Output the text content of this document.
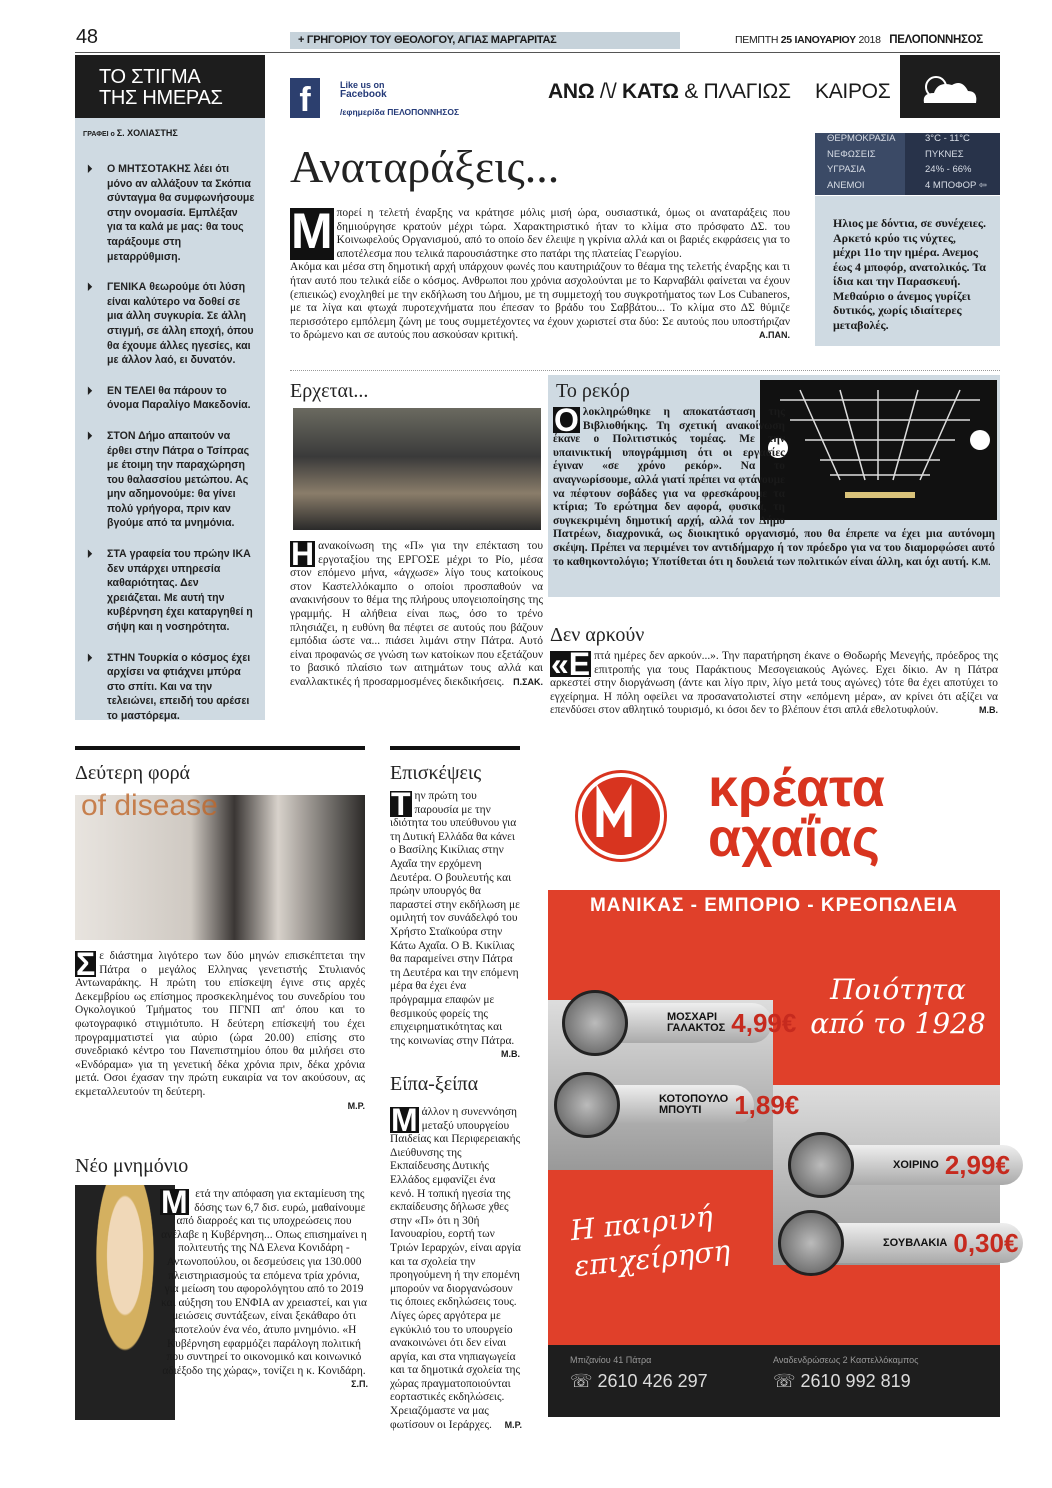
48	+ ΓΡΗΓΟΡΙΟΥ ΤΟΥ ΘΕΟΛΟΓΟΥ, ΑΓΙΑΣ ΜΑΡΓΑΡΙΤΑΣ	ΠΕΜΠΤΗ 25 ΙΑΝΟΥΑΡΙΟΥ 2018 ΠΕΛΟΠΟΝΝΗΣΟΣ
ΤΟ ΣΤΙΓΜΑ
ΤΗΣ ΗΜΕΡΑΣ
ΓΡΑΦΕΙ ο Σ. ΧΟΛΙΑΣΤΗΣ
⏵ Ο ΜΗΤΣΟΤΑΚΗΣ λέει ότι μόνο αν αλλάξουν τα Σκόπια σύνταγμα θα συμφωνήσουμε στην ονομασία. Εμπλέξαν για τα καλά με μας: θα τους ταράξουμε στη μεταρρύθμιση.
⏵ ΓΕΝΙΚΑ θεωρούμε ότι λύση είναι καλύτερο να δοθεί σε μια άλλη συγκυρία. Σε άλλη στιγμή, σε άλλη εποχή, όπου θα έχουμε άλλες ηγεσίες, και με άλλον λαό, ει δυνατόν.
⏵ ΕΝ ΤΕΛΕΙ θα πάρουν το όνομα Παραλίγο Μακεδονία.
⏵ ΣΤΟΝ Δήμο απαιτούν να έρθει στην Πάτρα ο Τσίπρας με έτοιμη την παραχώρηση του θαλασσίου μετώπου. Ας μην αδημονούμε: θα γίνει πολύ γρήγορα, πριν καν βγούμε από τα μνημόνια.
⏵ ΣΤΑ γραφεία του πρώην ΙΚΑ δεν υπάρχει υπηρεσία καθαριότητας. Δεν χρειάζεται. Με αυτή την κυβέρνηση έχει καταργηθεί η σήψη και η νοσηρότητα.
⏵ ΣΤΗΝ Τουρκία ο κόσμος έχει αρχίσει να φτιάχνει μπύρα στο σπίτι. Και να την τελειώνει, επειδή του αρέσει το μαστόρεμα.
f	Like us on
Facebook
/εφημερίδα ΠΕΛΟΠΟΝΝΗΣΟΣ
ΑΝΩ /\/ ΚΑΤΩ & ΠΛΑΓΙΩΣ ΚΑΙΡΟΣ
ΘΕΡΜΟΚΡΑΣΙΑ	3°C - 11°C
ΝΕΦΩΣΕΙΣ	ΠΥΚΝΕΣ
ΥΓΡΑΣΙΑ	24% - 66%
ΑΝΕΜΟΙ	4 ΜΠΟΦΟΡ ⇦
Ηλιος με δόντια, σε συνέχειες. Αρκετό κρύο τις νύχτες, μέχρι 11ο την ημέρα. Ανεμος έως 4 μποφόρ, ανατολικός. Τα ίδια και την Παρασκευή. Μεθαύριο ο άνεμος γυρίζει δυτικός, χωρίς ιδιαίτερες μεταβολές.
Αναταράξεις...
Μ πορεί η τελετή έναρξης να κράτησε μόλις μισή ώρα, ουσιαστικά, όμως οι αναταράξεις που δημιούργησε κρατούν μέχρι τώρα. Χαρακτηριστικό ήταν το κλίμα στο πρόσφατο ΔΣ. του Κοινωφελούς Οργανισμού, από το οποίο δεν έλειψε η γκρίνια αλλά και οι βαριές εκφράσεις για το αποτέλεσμα που τελικά παρουσιάστηκε στο πατάρι της πλατείας Γεωργίου.
Ακόμα και μέσα στη δημοτική αρχή υπάρχουν φωνές που καυτηριάζουν το θέαμα της τελετής έναρξης και τι ήταν αυτό που τελικά είδε ο κόσμος. Ανθρωποι που χρόνια ασχολούνται με το Καρναβάλι φαίνεται να έχουν (επιεικώς) ενοχληθεί με την εκδήλωση του Δήμου, με τη συμμετοχή του συγκροτήματος των Los Cubaneros, με τα λίγα και φτωχά πυροτεχνήματα που έπεσαν το βράδυ του Σαββάτου... Το κλίμα στο ΔΣ θύμιζε περισσότερο εμπόλεμη ζώνη με τους συμμετέχοντες να έχουν χωριστεί στα δύο: Σε αυτούς που υποστήριζαν το δρώμενο και σε αυτούς που ασκούσαν κριτική.	Α.ΠΑΝ.
Ερχεται...
Η ανακοίνωση της «Π» για την επέκταση του εργοταξίου της ΕΡΓΟΣΕ μέχρι το Ρίο, μέσα στον επόμενο μήνα, «άγχωσε» λίγο τους κατοίκους στον Καστελλόκαμπο ο οποίοι προσπαθούν να ανακινήσουν το θέμα της πλήρους υπογειοποίησης της γραμμής. Η αλήθεια είναι πως, όσο το τρένο πλησιάζει, η ευθύνη θα πέφτει σε αυτούς που βάζουν εμπόδια ώστε να... πιάσει λιμάνι στην Πάτρα. Αυτό είναι προφανώς σε γνώση των κατοίκων που εξετάζουν το βασικό πλαίσιο των αιτημάτων τους αλλά και εναλλακτικές ή προσαρμοσμένες διεκδικήσεις. Π.ΣΑΚ.
Το ρεκόρ
Ο λοκληρώθηκε η αποκατάσταση της Βιβλιοθήκης. Τη σχετική ανακοίνωση έκανε ο Πολιτιστικός τομέας. Με την υπαινικτική υπογράμμιση ότι οι εργασίες έγιναν «σε χρόνο ρεκόρ». Να το αναγνωρίσουμε, αλλά γιατί πρέπει να φτάνουμε να πέφτουν σοβάδες για να φρεσκάρουμε τα κτίρια; Το ερώτημα δεν αφορά, φυσικά, τη συγκεκριμένη δημοτική αρχή, αλλά τον Δήμο Πατρέων, διαχρονικά, ως διοικητικό οργανισμό, που θα έπρεπε να έχει μια αυτόνομη σκέψη. Πρέπει να περιμένει τον αντιδήμαρχο ή τον πρόεδρο για να του διαμορφώσει αυτό το καθηκοντολόγιο; Υποτίθεται ότι η δουλειά των πολιτικών είναι άλλη, και όχι αυτή. Κ.Μ.
Δεν αρκούν
«Ε πτά ημέρες δεν αρκούν...». Την παρατήρηση έκανε ο Θοδωρής Μενεγής, πρόεδρος της επιτροπής για τους Παράκτιους Μεσογειακούς Αγώνες. Εχει δίκιο. Αν η Πάτρα αρκεστεί στην διοργάνωση (άντε και λίγο πριν, λίγο μετά τους αγώνες) τότε θα έχει αποτύχει το εγχείρημα. Η πόλη οφείλει να προσανατολιστεί στην «επόμενη μέρα», αν κρίνει ότι αξίζει να επενδύσει στον αθλητικό τουρισμό, κι όσοι δεν το βλέπουν έτσι απλά εθελοτυφλούν.	Μ.Β.
Δεύτερη φορά
of disease
Σ ε διάστημα λιγότερο των δύο μηνών επισκέπτεται την Πάτρα ο μεγάλος Ελληνας γενετιστής Στυλιανός Αντωναράκης. Η πρώτη του επίσκεψη έγινε στις αρχές Δεκεμβρίου ως επίσημος προσκεκλημένος του συνεδρίου του Ογκολογικού Τμήματος του ΠΓΝΠ απ' όπου και το φωτογραφικό στιγμιότυπο. Η δεύτερη επίσκεψή του έχει προγραμματιστεί για αύριο (ώρα 20.00) επίσης στο συνεδριακό κέντρο του Πανεπιστημίου όπου θα μιλήσει στο «Ενδόραμα» για τη γενετική δέκα χρόνια πριν, δέκα χρόνια μετά. Οσοι έχασαν την πρώτη ευκαιρία να τον ακούσουν, ας εκμεταλλευτούν τη δεύτερη.

Μ.Ρ.
Νέο μνημόνιο
Μ ετά την απόφαση για εκταμίευση της δόσης των 6,7 δισ. ευρώ, μαθαίνουμε από διαρροές και τις υποχρεώσεις που ανέλαβε η Κυβέρνηση... Οπως επισημαίνει η πολιτευτής της ΝΔ Ελενα Κονιδάρη - Αντωνοπούλου, οι δεσμεύσεις για 130.000 πλειστηριασμούς τα επόμενα τρία χρόνια, για μείωση του αφορολόγητου από το 2019 και αύξηση του ΕΝΦΙΑ αν χρειαστεί, και για μειώσεις συντάξεων, είναι ξεκάθαρο ότι αποτελούν ένα νέο, άτυπο μνημόνιο. «Η Κυβέρνηση εφαρμόζει παράλογη πολιτική που συντηρεί το οικονομικό και κοινωνικό αδιέξοδο της χώρας», τονίζει η κ. Κονιδάρη.
Σ.Π.
Επισκέψεις
Τ ην πρώτη του παρουσία με την ιδιότητα του υπεύθυνου για τη Δυτική Ελλάδα θα κάνει ο Βασίλης Κικίλιας στην Αχαΐα την ερχόμενη Δευτέρα. Ο βουλευτής και πρώην υπουργός θα παραστεί στην εκδήλωση με ομιλητή τον συνάδελφό του Χρήστο Σταϊκούρα στην Κάτω Αχαΐα. Ο Β. Κικίλιας θα παραμείνει στην Πάτρα τη Δευτέρα και την επόμενη μέρα θα έχει ένα πρόγραμμα επαφών με θεσμικούς φορείς της επιχειρηματικότητας και της κοινωνίας στην Πάτρα.
Μ.Β.
Είπα-ξείπα
Μ άλλον η συνεννόηση μεταξύ υπουργείου Παιδείας και Περιφερειακής Διεύθυνσης της Εκπαίδευσης Δυτικής Ελλάδος εμφανίζει ένα κενό. Η τοπική ηγεσία της εκπαίδευσης δήλωσε χθες στην «Π» ότι η 30ή Ιανουαρίου, εορτή των Τριών Ιεραρχών, είναι αργία και τα σχολεία την προηγούμενη ή την επομένη μπορούν να διοργανώσουν τις όποιες εκδηλώσεις τους. Λίγες ώρες αργότερα με εγκύκλιό του το υπουργείο ανακοινώνει ότι δεν είναι αργία, και στα νηπιαγωγεία και τα δημοτικά σχολεία της χώρας πραγματοποιούνται εορταστικές εκδηλώσεις. Χρειαζόμαστε να μας φωτίσουν οι Ιεράρχες. Μ.Ρ.
κρέατα
αχαΐας
ΜΑΝΙΚΑΣ - ΕΜΠΟΡΙΟ - ΚΡΕΟΠΩΛΕΙΑ
Ποιότητα
από το 1928
Η παιρινή
επιχείρηση
ΜΟΣΧΑΡΙ
ΓΑΛΑΚΤΟΣ 4,99€
ΚΟΤΟΠΟΥΛΟ
ΜΠΟΥΤΙ	1,89€
ΧΟΙΡΙΝΟ 2,99€
ΣΟΥΒΛΑΚΙΑ 0,30€
Μπιζανίου 41 Πάτρα
☏ 2610 426 297
Αναδενδρώσεως 2 Καστελλόκαμπος
☏ 2610 992 819
